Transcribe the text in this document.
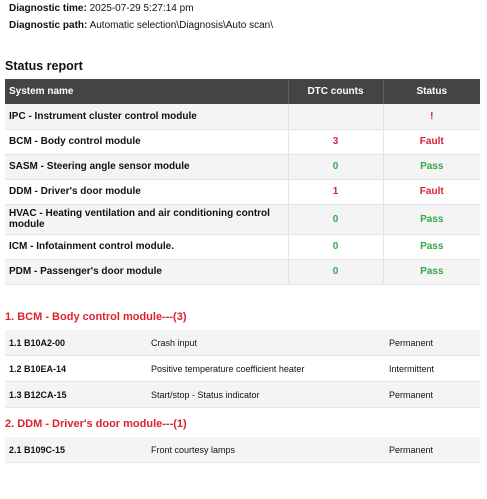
Diagnostic time: 2025-07-29 5:27:14 pm
Diagnostic path: Automatic selection\Diagnosis\Auto scan\
Status report
System name	DTC counts	Status
IPC - Instrument cluster control module		!
BCM - Body control module	3	Fault
SASM - Steering angle sensor module	0	Pass
DDM - Driver's door module	1	Fault
HVAC - Heating ventilation and air conditioning control module	0	Pass
ICM - Infotainment control module.	0	Pass
PDM - Passenger's door module	0	Pass
1. BCM - Body control module---(3)
1.1 B10A2-00	Crash input	Permanent
1.2 B10EA-14	Positive temperature coefficient heater	Intermittent
1.3 B12CA-15	Start/stop - Status indicator	Permanent
2. DDM - Driver's door module---(1)
2.1 B109C-15	Front courtesy lamps	Permanent
